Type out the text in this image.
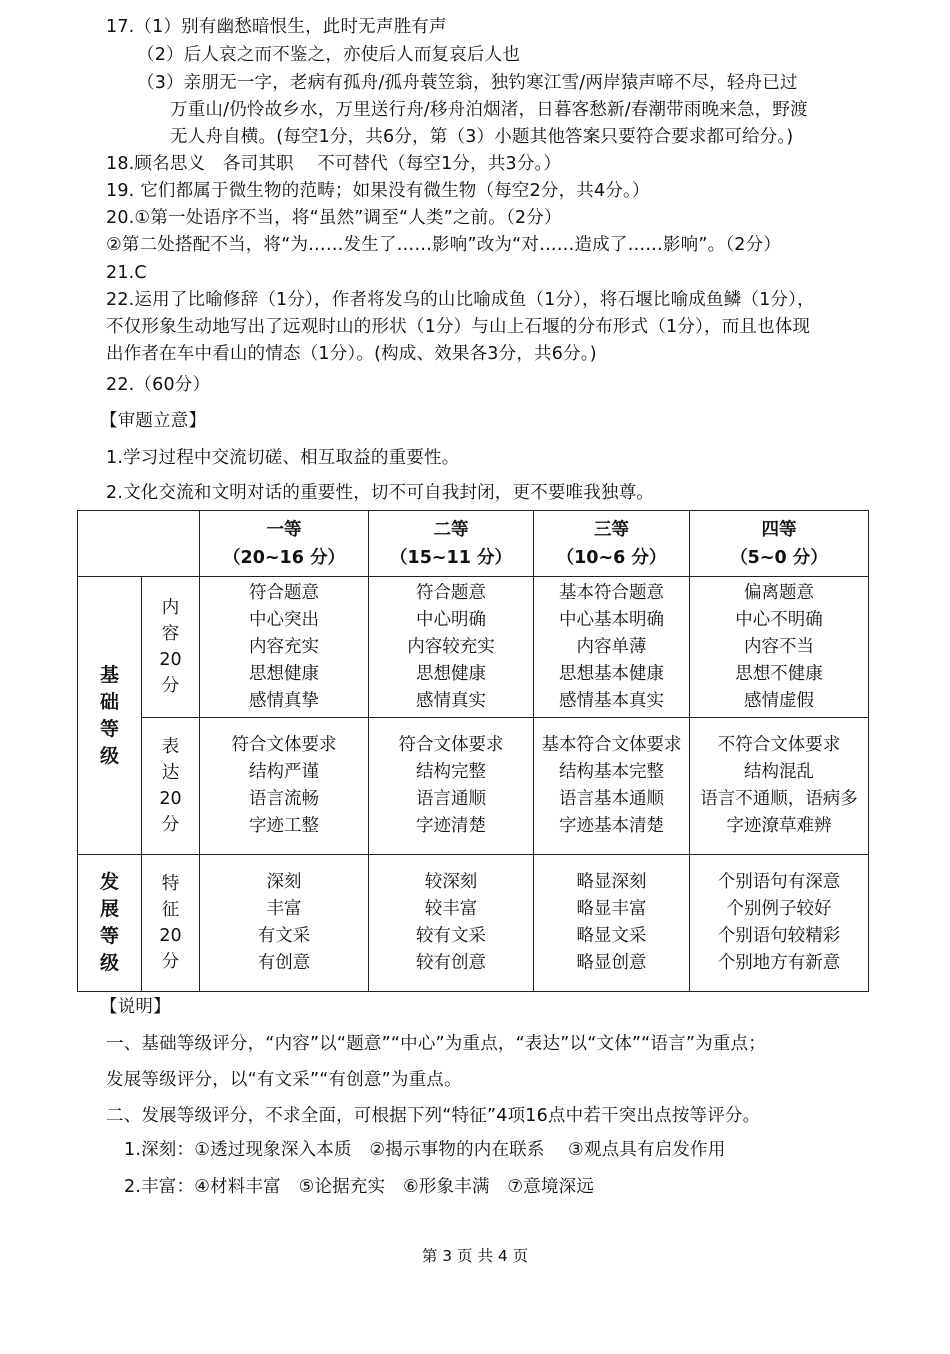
17.（1）别有幽愁暗恨生，此时无声胜有声
（2）后人哀之而不鉴之，亦使后人而复哀后人也
（3）亲朋无一字，老病有孤舟/孤舟蓑笠翁，独钓寒江雪/两岸猿声啼不尽，轻舟已过
万重山/仍怜故乡水，万里送行舟/移舟泊烟渚，日暮客愁新/春潮带雨晚来急，野渡
无人舟自横。(每空1分，共6分，第（3）小题其他答案只要符合要求都可给分。)
18.顾名思义　各司其职　 不可替代（每空1分，共3分。）
19. 它们都属于微生物的范畴；如果没有微生物（每空2分，共4分。）
20.①第一处语序不当，将“虽然”调至“人类”之前。（2分）
②第二处搭配不当，将“为……发生了……影响”改为“对……造成了……影响”。（2分）
21.C
22.运用了比喻修辞（1分），作者将发乌的山比喻成鱼（1分），将石堰比喻成鱼鳞（1分），
不仅形象生动地写出了远观时山的形状（1分）与山上石堰的分布形式（1分），而且也体现
出作者在车中看山的情态（1分）。(构成、效果各3分，共6分。)
22.（60分）
【审题立意】
1.学习过程中交流切磋、相互取益的重要性。
2.文化交流和文明对话的重要性，切不可自我封闭，更不要唯我独尊。

		一等
（20~16 分）	二等
（15~11 分）	三等
（10~6 分）	四等
（5~0 分）

基
础
等
级	内
容
20
分	符合题意
中心突出
内容充实
思想健康
感情真挚	符合题意
中心明确
内容较充实
思想健康
感情真实	基本符合题意
中心基本明确
内容单薄
思想基本健康
感情基本真实	偏离题意
中心不明确
内容不当
思想不健康
感情虚假

	表
达
20
分	符合文体要求
结构严谨
语言流畅
字迹工整	符合文体要求
结构完整
语言通顺
字迹清楚	基本符合文体要求
结构基本完整
语言基本通顺
字迹基本清楚	不符合文体要求
结构混乱
语言不通顺，语病多
字迹潦草难辨

发
展
等
级	特
征
20
分	深刻
丰富
有文采
有创意	较深刻
较丰富
较有文采
较有创意	略显深刻
略显丰富
略显文采
略显创意	个别语句有深意
个别例子较好
个别语句较精彩
个别地方有新意
【说明】
一、基础等级评分，“内容”以“题意”“中心”为重点，“表达”以“文体”“语言”为重点；
发展等级评分，以“有文采”“有创意”为重点。
二、发展等级评分，不求全面，可根据下列“特征”4项16点中若干突出点按等评分。
1.深刻：①透过现象深入本质　②揭示事物的内在联系　 ③观点具有启发作用
2.丰富：④材料丰富　⑤论据充实　⑥形象丰满　⑦意境深远
第 3 页 共 4 页
